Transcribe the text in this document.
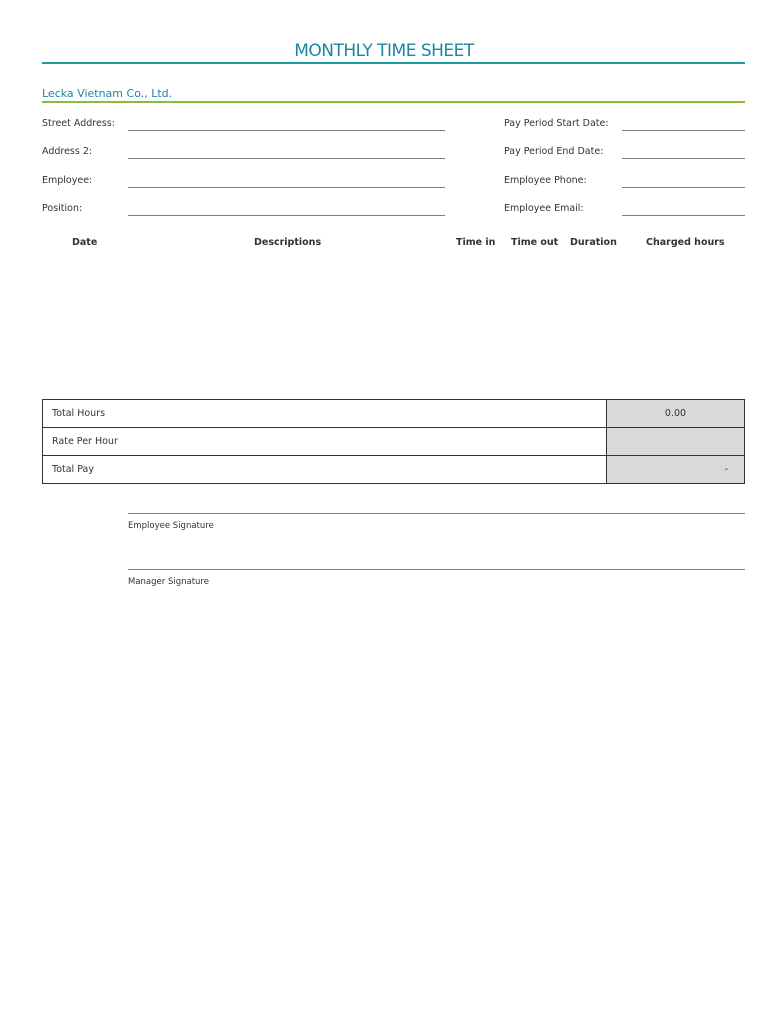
MONTHLY TIME SHEET
Lecka Vietnam Co., Ltd.
Street Address:
Address 2:
Employee:
Position:
Pay Period Start Date:
Pay Period End Date:
Employee Phone:
Employee Email:
Date	Descriptions	Time in Time out Duration	Charged hours
Total Hours	0.00
Rate Per Hour	
Total Pay	-
Employee Signature
Manager Signature
